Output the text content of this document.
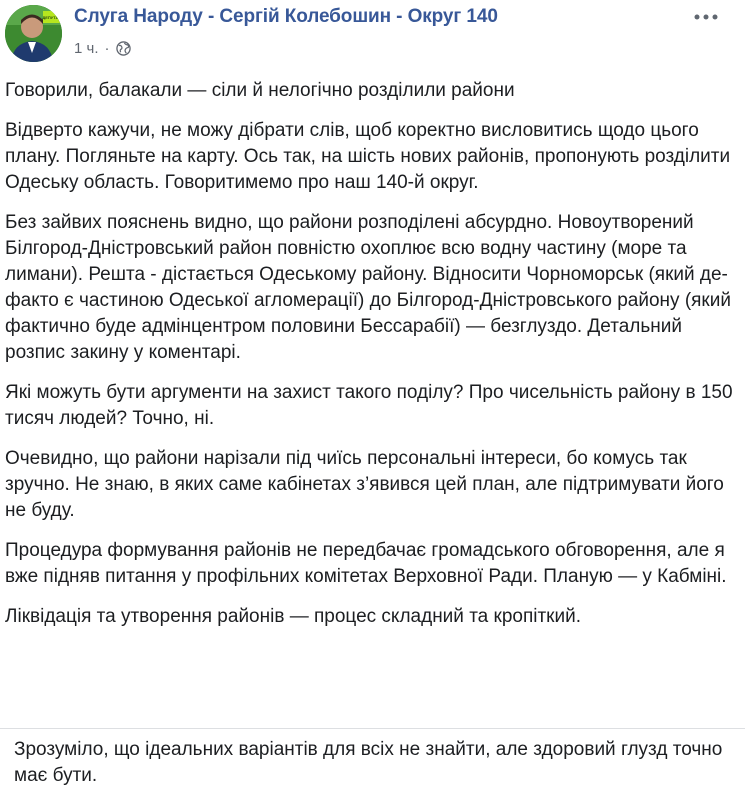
ДЕПУТАТ Слуга Народу - Сергій Колебошин - Округ 140
1 ч. ·

Говорили, балакали — сіли й нелогічно розділили райони

Відверто кажучи, не можу дібрати слів, щоб коректно висловитись щодо цього плану. Погляньте на карту. Ось так, на шість нових районів, пропонують розділити Одеську область. Говоритимемо про наш 140-й округ.

Без зайвих пояснень видно, що райони розподілені абсурдно. Новоутворений Білгород-Дністровський район повністю охоплює всю водну частину (море та лимани). Решта - дістається Одеському району. Відносити Чорноморськ (який де-факто є частиною Одеської агломерації) до Білгород-Дністровського району (який фактично буде адмінцентром половини Бессарабії) — безглуздо. Детальний розпис закину у коментарі.

Які можуть бути аргументи на захист такого поділу? Про чисельність району в 150 тисяч людей? Точно, ні.

Очевидно, що райони нарізали під чиїсь персональні інтереси, бо комусь так зручно. Не знаю, в яких саме кабінетах з’явився цей план, але підтримувати його не буду.

Процедура формування районів не передбачає громадського обговорення, але я вже підняв питання у профільних комітетах Верховної Ради. Планую — у Кабміні.

Ліквідація та утворення районів — процес складний та кропіткий.

Зрозуміло, що ідеальних варіантів для всіх не знайти, але здоровий глузд точно має бути.
